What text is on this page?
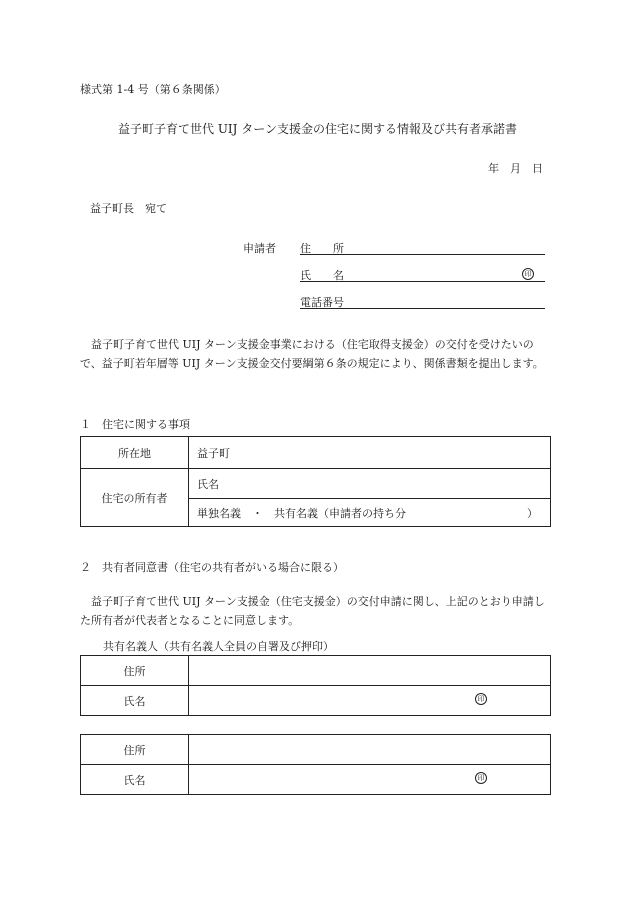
様式第 1-4 号（第６条関係）
益子町子育て世代 UIJ ターン支援金の住宅に関する情報及び共有者承諾書
年　月　日
益子町長　宛て
申請者 住　　所
氏　　名	印
電話番号
益子町子育て世代 UIJ ターン支援金事業における（住宅取得支援金）の交付を受けたいので、益子町若年層等 UIJ ターン支援金交付要綱第６条の規定により、関係書類を提出します。
１　住宅に関する事項
所在地	益子町
住宅の所有者	氏名
	単独名義　・　共有名義（申請者の持ち分 ）
２　共有者同意書（住宅の共有者がいる場合に限る）
益子町子育て世代 UIJ ターン支援金（住宅支援金）の交付申請に関し、上記のとおり申請した所有者が代表者となることに同意します。
共有名義人（共有名義人全員の自署及び押印）
住所	
氏名	印
住所	
氏名	印
